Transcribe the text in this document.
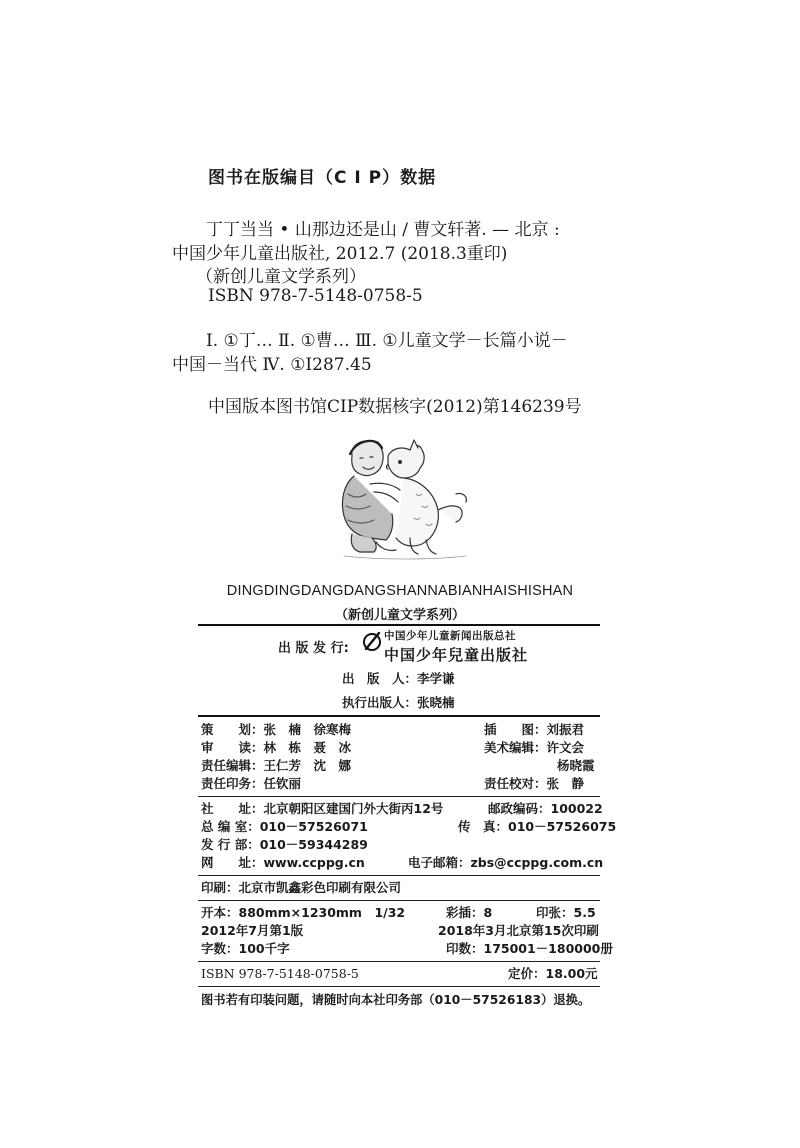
图书在版编目（C I P）数据
丁丁当当 • 山那边还是山 / 曹文轩著. — 北京 :
中国少年儿童出版社, 2012.7 (2018.3重印)
（新创儿童文学系列）
ISBN 978-7-5148-0758-5
Ⅰ. ①丁… Ⅱ. ①曹… Ⅲ. ①儿童文学－长篇小说－
中国－当代 Ⅳ. ①I287.45
中国版本图书馆CIP数据核字(2012)第146239号
DINGDINGDANGDANGSHANNABIANHAISHISHAN
（新创儿童文学系列）
出 版 发 行:
中国少年儿童新闻出版总社
中国少年兒童出版社
出　版　人：李学谦
执行出版人：张晓楠
策　　划：张　楠　徐寒梅	插　　图：刘振君
审　　读：林　栋　聂　冰	美术编辑：许文会
责任编辑：王仁芳　沈　娜	杨晓霞
责任印务：任钦丽	责任校对：张　静
社　　址：北京朝阳区建国门外大街丙12号	邮政编码：100022
总 编 室：010－57526071	传　真：010－57526075
发 行 部：010－59344289
网　　址：www.ccppg.cn	电子邮箱：zbs@ccppg.com.cn
印刷：北京市凯鑫彩色印刷有限公司
开本：880mm×1230mm　1/32	彩插：8	印张：5.5
2012年7月第1版	2018年3月北京第15次印刷
字数：100千字	印数：175001－180000册
ISBN 978-7-5148-0758-5	定价：18.00元
图书若有印装问题，请随时向本社印务部（010－57526183）退换。
